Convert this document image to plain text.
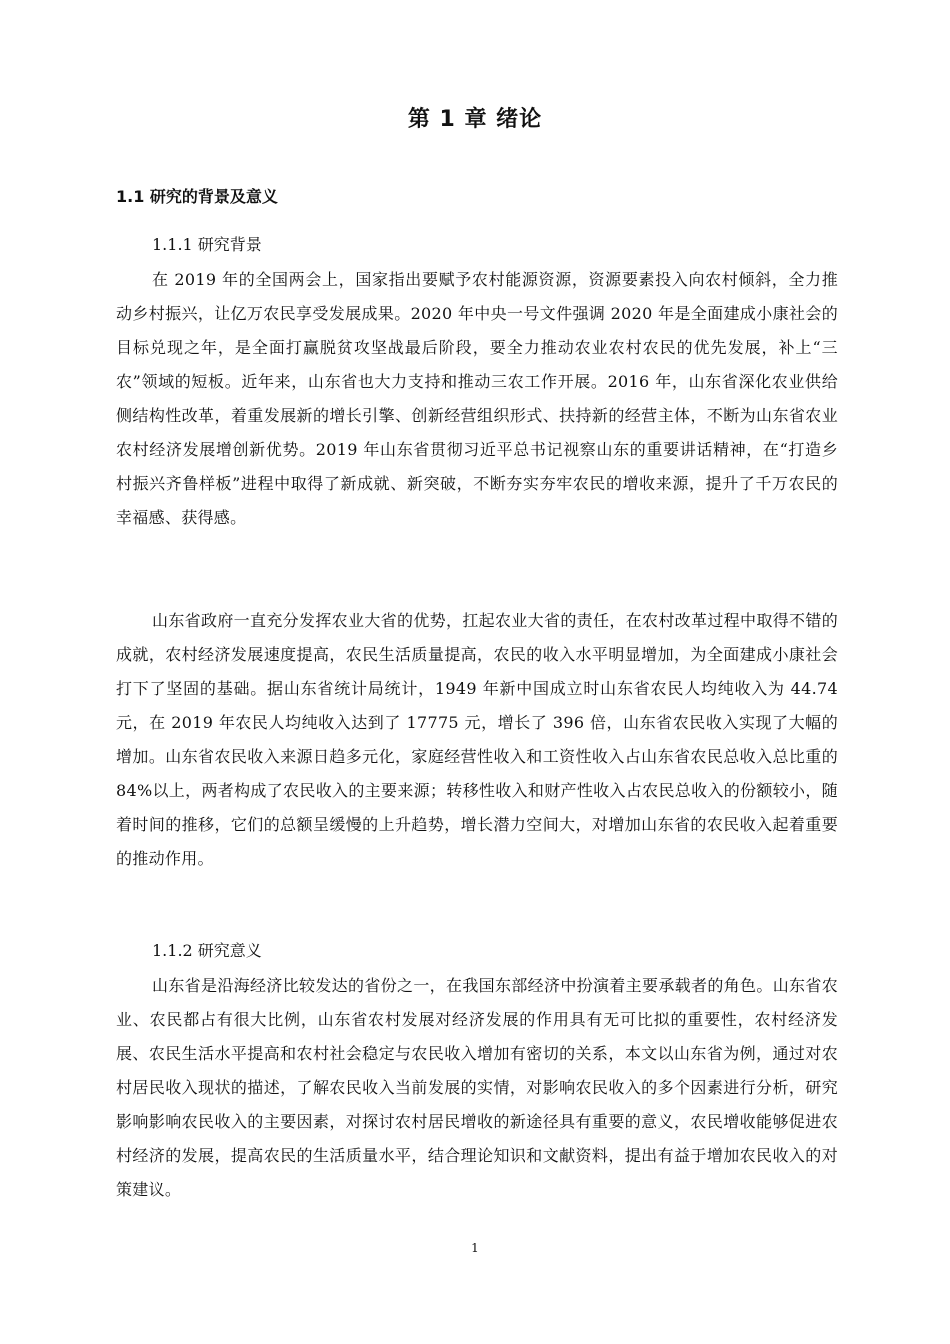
第 1 章 绪论
1.1 研究的背景及意义
1.1.1 研究背景

在 2019 年的全国两会上，国家指出要赋予农村能源资源，资源要素投入向农村倾斜，全力推动乡村振兴，让亿万农民享受发展成果。2020 年中央一号文件强调 2020 年是全面建成小康社会的目标兑现之年，是全面打赢脱贫攻坚战最后阶段，要全力推动农业农村农民的优先发展，补上“三农”领域的短板。近年来，山东省也大力支持和推动三农工作开展。2016 年，山东省深化农业供给侧结构性改革，着重发展新的增长引擎、创新经营组织形式、扶持新的经营主体，不断为山东省农业农村经济发展增创新优势。2019 年山东省贯彻习近平总书记视察山东的重要讲话精神，在“打造乡村振兴齐鲁样板”进程中取得了新成就、新突破，不断夯实夯牢农民的增收来源，提升了千万农民的幸福感、获得感。

山东省政府一直充分发挥农业大省的优势，扛起农业大省的责任，在农村改革过程中取得不错的成就，农村经济发展速度提高，农民生活质量提高，农民的收入水平明显增加，为全面建成小康社会打下了坚固的基础。据山东省统计局统计，1949 年新中国成立时山东省农民人均纯收入为 44.74 元，在 2019 年农民人均纯收入达到了 17775 元，增长了 396 倍，山东省农民收入实现了大幅的增加。山东省农民收入来源日趋多元化，家庭经营性收入和工资性收入占山东省农民总收入总比重的 84%以上，两者构成了农民收入的主要来源；转移性收入和财产性收入占农民总收入的份额较小，随着时间的推移，它们的总额呈缓慢的上升趋势，增长潜力空间大，对增加山东省的农民收入起着重要的推动作用。

1.1.2 研究意义

山东省是沿海经济比较发达的省份之一，在我国东部经济中扮演着主要承载者的角色。山东省农业、农民都占有很大比例，山东省农村发展对经济发展的作用具有无可比拟的重要性，农村经济发展、农民生活水平提高和农村社会稳定与农民收入增加有密切的关系，本文以山东省为例，通过对农村居民收入现状的描述，了解农民收入当前发展的实情，对影响农民收入的多个因素进行分析，研究影响影响农民收入的主要因素，对探讨农村居民增收的新途径具有重要的意义，农民增收能够促进农村经济的发展，提高农民的生活质量水平，结合理论知识和文献资料，提出有益于增加农民收入的对策建议。

1
